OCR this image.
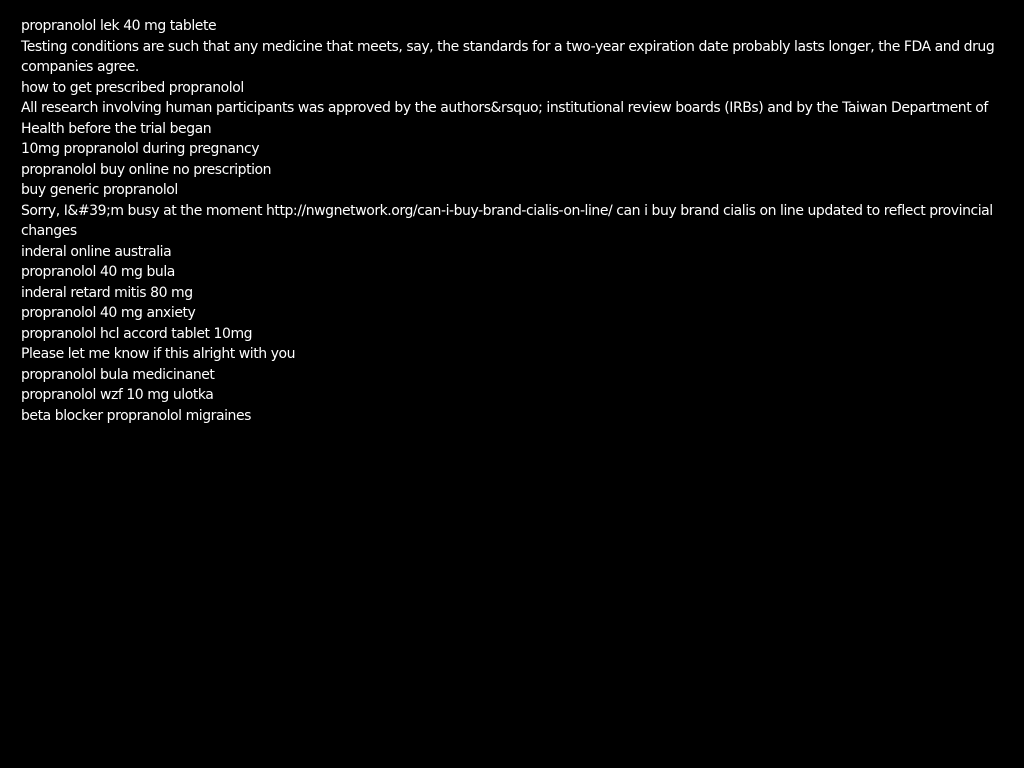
propranolol lek 40 mg tablete
Testing conditions are such that any medicine that meets, say, the standards for a two-year expiration date probably lasts longer, the FDA and drug companies agree.
how to get prescribed propranolol
All research involving human participants was approved by the authors&rsquo; institutional review boards (IRBs) and by the Taiwan Department of Health before the trial began
10mg propranolol during pregnancy
propranolol buy online no prescription
buy generic propranolol
Sorry, I&#39;m busy at the moment http://nwgnetwork.org/can-i-buy-brand-cialis-on-line/ can i buy brand cialis on line updated to reflect provincial changes
inderal online australia
propranolol 40 mg bula
inderal retard mitis 80 mg
propranolol 40 mg anxiety
propranolol hcl accord tablet 10mg
Please let me know if this alright with you
propranolol bula medicinanet
propranolol wzf 10 mg ulotka
beta blocker propranolol migraines
